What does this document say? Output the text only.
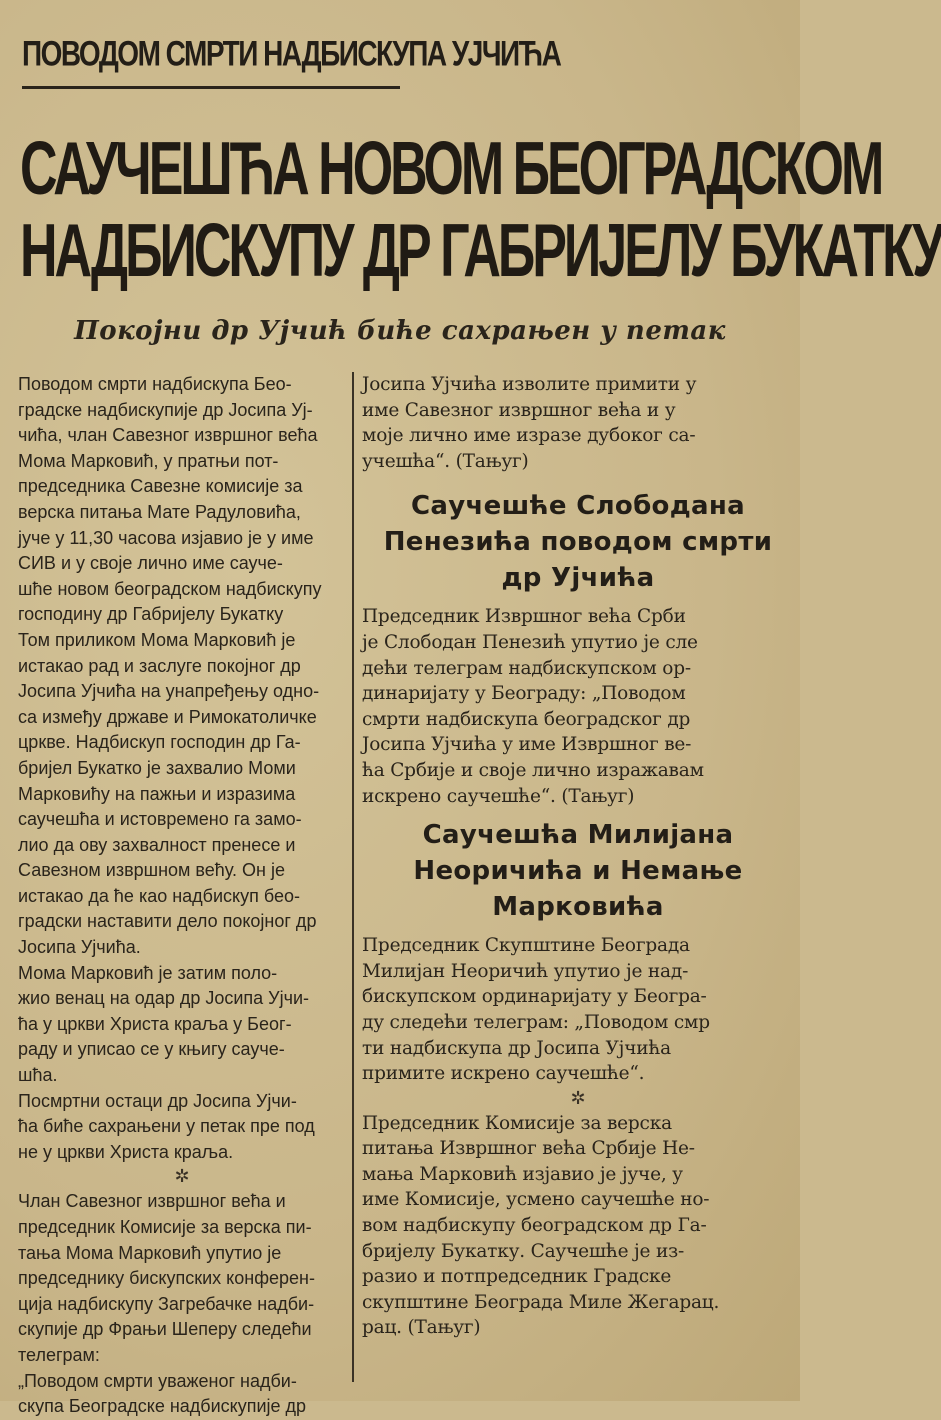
ПОВОДОМ СМРТИ НАДБИСКУПА УЈЧИЋА
САУЧЕШЋА НОВОМ БЕОГРАДСКОМ
НАДБИСКУПУ ДР ГАБРИЈЕЛУ БУКАТКУ
Покојни др Ујчић биће сахрањен у петак
Поводом смрти надбискупа Бео-
градске надбискупије др Јосипа Уј-
чића, члан Савезног извршног већа
Мома Марковић, у пратњи пот-
председника Савезне комисије за
верска питања Мате Радуловића,
јуче у 11,30 часова изјавио је у име
СИВ и у своје лично име сауче-
шће новом београдском надбискупу
господину др Габријелу Букатку
Том приликом Мома Марковић је
истакао рад и заслуге покојног др
Јосипа Ујчића на унапређењу одно-
са између државе и Римокатоличке
цркве. Надбискуп господин др Га-
бријел Букатко је захвалио Моми
Марковићу на пажњи и изразима
саучешћа и истовремено га замо-
лио да ову захвалност пренесе и
Савезном извршном већу. Он је
истакао да ће као надбискуп бео-
градски наставити дело покојног др
Јосипа Ујчића.
Мома Марковић је затим поло-
жио венац на одар др Јосипа Ујчи-
ћа у цркви Христа краља у Беог-
раду и уписао се у књигу сауче-
шћа.
Посмртни остаци др Јосипа Ујчи-
ћа биће сахрањени у петак пре под
не у цркви Христа краља.
✲
Члан Савезног извршног већа и
председник Комисије за верска пи-
тања Мома Марковић упутио је
председнику бискупских конферен-
ција надбискупу Загребачке надби-
скупије др Фрањи Шеперу следећи
телеграм:
„Поводом смрти уваженог надби-
скупа Београдске надбискупије др
Јосипа Ујчића изволите примити у
име Савезног извршног већа и у
моје лично име изразе дубоког са-
учешћа“. (Тањуг)
Саучешће Слободана
Пенезића поводом смрти
др Ујчића
Председник Извршног већа Срби
је Слободан Пенезић упутио је сле
дећи телеграм надбискупском ор-
динаријату у Београду: „Поводом
смрти надбискупа београдског др
Јосипа Ујчића у име Извршног ве-
ћа Србије и своје лично изражавам
искрено саучешће“. (Тањуг)
Саучешћа Милијана
Неоричића и Немање
Марковића
Председник Скупштине Београда
Милијан Неоричић упутио је над-
бискупском ординаријату у Београ-
ду следећи телеграм: „Поводом смр
ти надбискупа др Јосипа Ујчића
примите искрено саучешће“.
✲
Председник Комисије за верска
питања Извршног већа Србије Не-
мања Марковић изјавио је јуче, у
име Комисије, усмено саучешће но-
вом надбискупу београдском др Га-
бријелу Букатку. Саучешће је из-
разио и потпредседник Градске
скупштине Београда Миле Жегарац.
рац. (Тањуг)
